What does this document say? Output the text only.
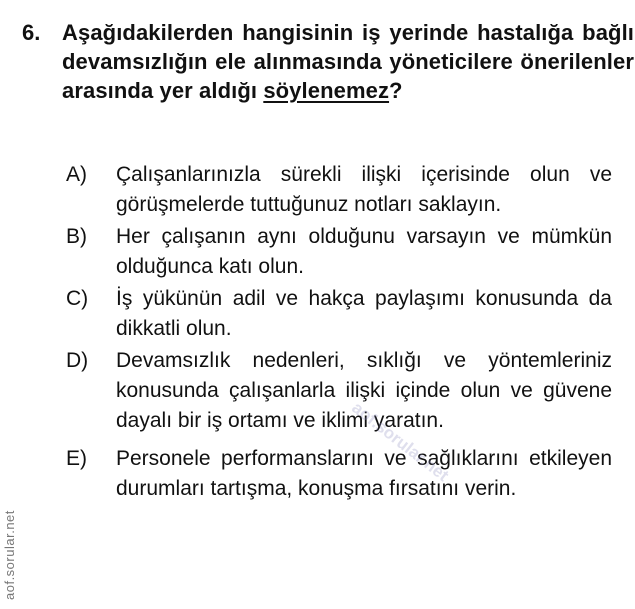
6. Aşağıdakilerden hangisinin iş yerinde hastalığa bağlı devamsızlığın ele alınmasında yöneticilere önerilenler arasında yer aldığı söylenemez?
A)	Çalışanlarınızla sürekli ilişki içerisinde olun ve görüşmelerde tuttuğunuz notları saklayın.
B)	Her çalışanın aynı olduğunu varsayın ve mümkün olduğunca katı olun.
C)	İş yükünün adil ve hakça paylaşımı konusunda da dikkatli olun.
D)	Devamsızlık nedenleri, sıklığı ve yöntemleriniz konusunda çalışanlarla ilişki içinde olun ve güvene dayalı bir iş ortamı ve iklimi yaratın.
E)	Personele performanslarını ve sağlıklarını etkileyen durumları tartışma, konuşma fırsatını verin.
aof.sorular.net
aof.sorular.net
